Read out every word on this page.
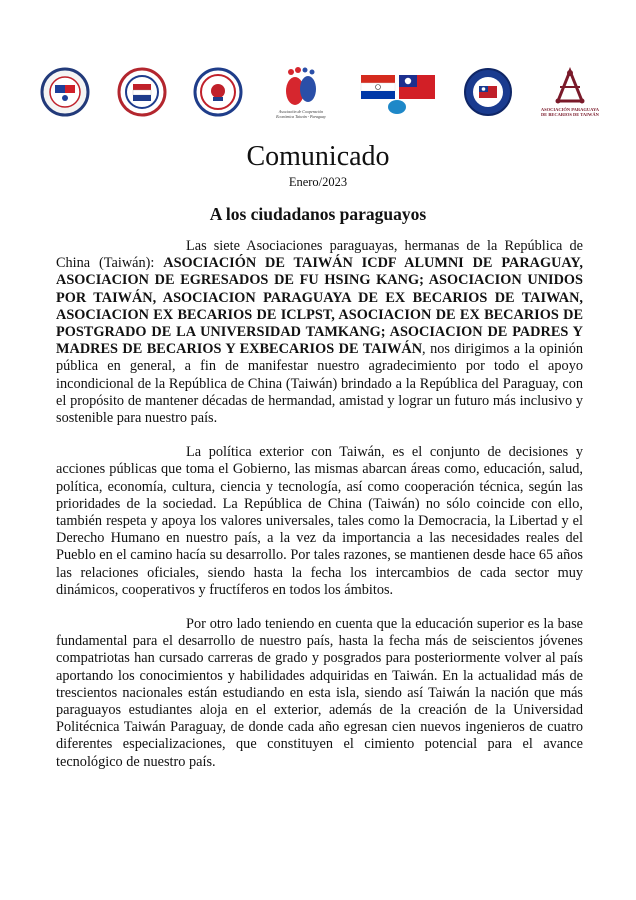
Asociación de Cooperación Económica Taiwán - Paraguay
ASOCIACIÓN PARAGUAYA DE BECARIOS DE TAIWÁN
Comunicado
Enero/2023
A los ciudadanos paraguayos

Las siete Asociaciones paraguayas, hermanas de la República de China (Taiwán): ASOCIACIÓN DE TAIWÁN ICDF ALUMNI DE PARAGUAY, ASOCIACION DE EGRESADOS DE FU HSING KANG; ASOCIACION UNIDOS POR TAIWÁN, ASOCIACION PARAGUAYA DE EX BECARIOS DE TAIWAN, ASOCIACION EX BECARIOS DE ICLPST, ASOCIACION DE EX BECARIOS DE POSTGRADO DE LA UNIVERSIDAD TAMKANG; ASOCIACION DE PADRES Y MADRES DE BECARIOS Y EXBECARIOS DE TAIWÁN, nos dirigimos a la opinión pública en general, a fin de manifestar nuestro agradecimiento por todo el apoyo incondicional de la República de China (Taiwán) brindado a la República del Paraguay, con el propósito de mantener décadas de hermandad, amistad y lograr un futuro más inclusivo y sostenible para nuestro país.

La política exterior con Taiwán, es el conjunto de decisiones y acciones públicas que toma el Gobierno, las mismas abarcan áreas como, educación, salud, política, economía, cultura, ciencia y tecnología, así como cooperación técnica, según las prioridades de la sociedad. La República de China (Taiwán) no sólo coincide con ello, también respeta y apoya los valores universales, tales como la Democracia, la Libertad y el Derecho Humano en nuestro país, a la vez da importancia a las necesidades reales del Pueblo en el camino hacía su desarrollo. Por tales razones, se mantienen desde hace 65 años las relaciones oficiales, siendo hasta la fecha los intercambios de cada sector muy dinámicos, cooperativos y fructíferos en todos los ámbitos.

Por otro lado teniendo en cuenta que la educación superior es la base fundamental para el desarrollo de nuestro país, hasta la fecha más de seiscientos jóvenes compatriotas han cursado carreras de grado y posgrados para posteriormente volver al país aportando los conocimientos y habilidades adquiridas en Taiwán. En la actualidad más de trescientos nacionales están estudiando en esta isla, siendo así Taiwán la nación que más paraguayos estudiantes aloja en el exterior, además de la creación de la Universidad Politécnica Taiwán Paraguay, de donde cada año egresan cien nuevos ingenieros de cuatro diferentes especializaciones, que constituyen el cimiento potencial para el avance tecnológico de nuestro país.
